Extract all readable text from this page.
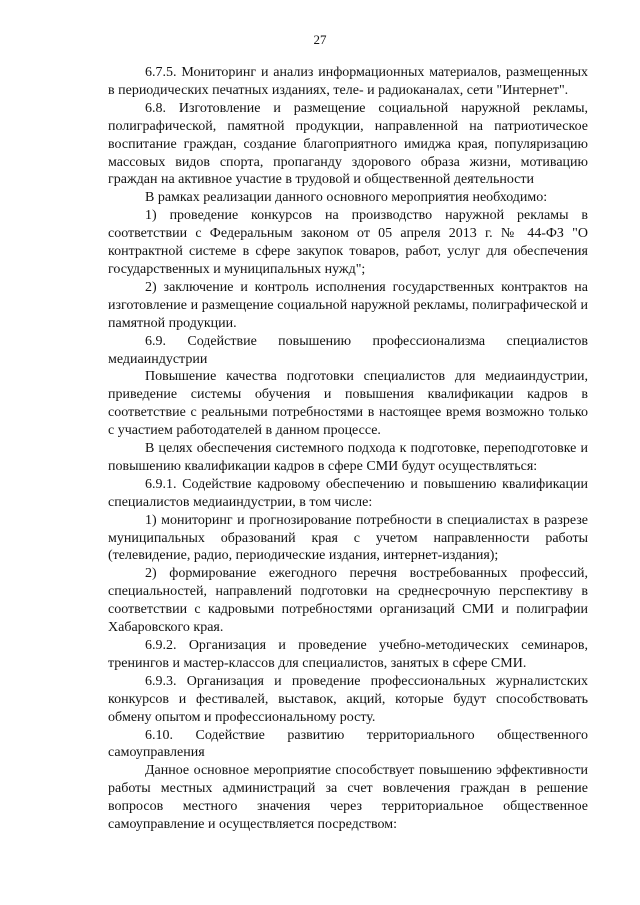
27

6.7.5. Мониторинг и анализ информационных материалов, размещенных в периодических печатных изданиях, теле- и радиоканалах, сети "Интернет".

6.8. Изготовление и размещение социальной наружной рекламы, полиграфической, памятной продукции, направленной на патриотическое воспитание граждан, создание благоприятного имиджа края, популяризацию массовых видов спорта, пропаганду здорового образа жизни, мотивацию граждан на активное участие в трудовой и общественной деятельности

В рамках реализации данного основного мероприятия необходимо:

1) проведение конкурсов на производство наружной рекламы в соответствии с Федеральным законом от 05 апреля 2013 г. № 44-ФЗ "О контрактной системе в сфере закупок товаров, работ, услуг для обеспечения государственных и муниципальных нужд";

2) заключение и контроль исполнения государственных контрактов на изготовление и размещение социальной наружной рекламы, полиграфической и памятной продукции.

6.9. Содействие повышению профессионализма специалистов медиаиндустрии

Повышение качества подготовки специалистов для медиаиндустрии, приведение системы обучения и повышения квалификации кадров в соответствие с реальными потребностями в настоящее время возможно только с участием работодателей в данном процессе.

В целях обеспечения системного подхода к подготовке, переподготовке и повышению квалификации кадров в сфере СМИ будут осуществляться:

6.9.1. Содействие кадровому обеспечению и повышению квалификации специалистов медиаиндустрии, в том числе:

1) мониторинг и прогнозирование потребности в специалистах в разрезе муниципальных образований края с учетом направленности работы (телевидение, радио, периодические издания, интернет-издания);

2) формирование ежегодного перечня востребованных профессий, специальностей, направлений подготовки на среднесрочную перспективу в соответствии с кадровыми потребностями организаций СМИ и полиграфии Хабаровского края.

6.9.2. Организация и проведение учебно-методических семинаров, тренингов и мастер-классов для специалистов, занятых в сфере СМИ.

6.9.3. Организация и проведение профессиональных журналистских конкурсов и фестивалей, выставок, акций, которые будут способствовать обмену опытом и профессиональному росту.

6.10. Содействие развитию территориального общественного самоуправления

Данное основное мероприятие способствует повышению эффективности работы местных администраций за счет вовлечения граждан в решение вопросов местного значения через территориальное общественное самоуправление и осуществляется посредством:
